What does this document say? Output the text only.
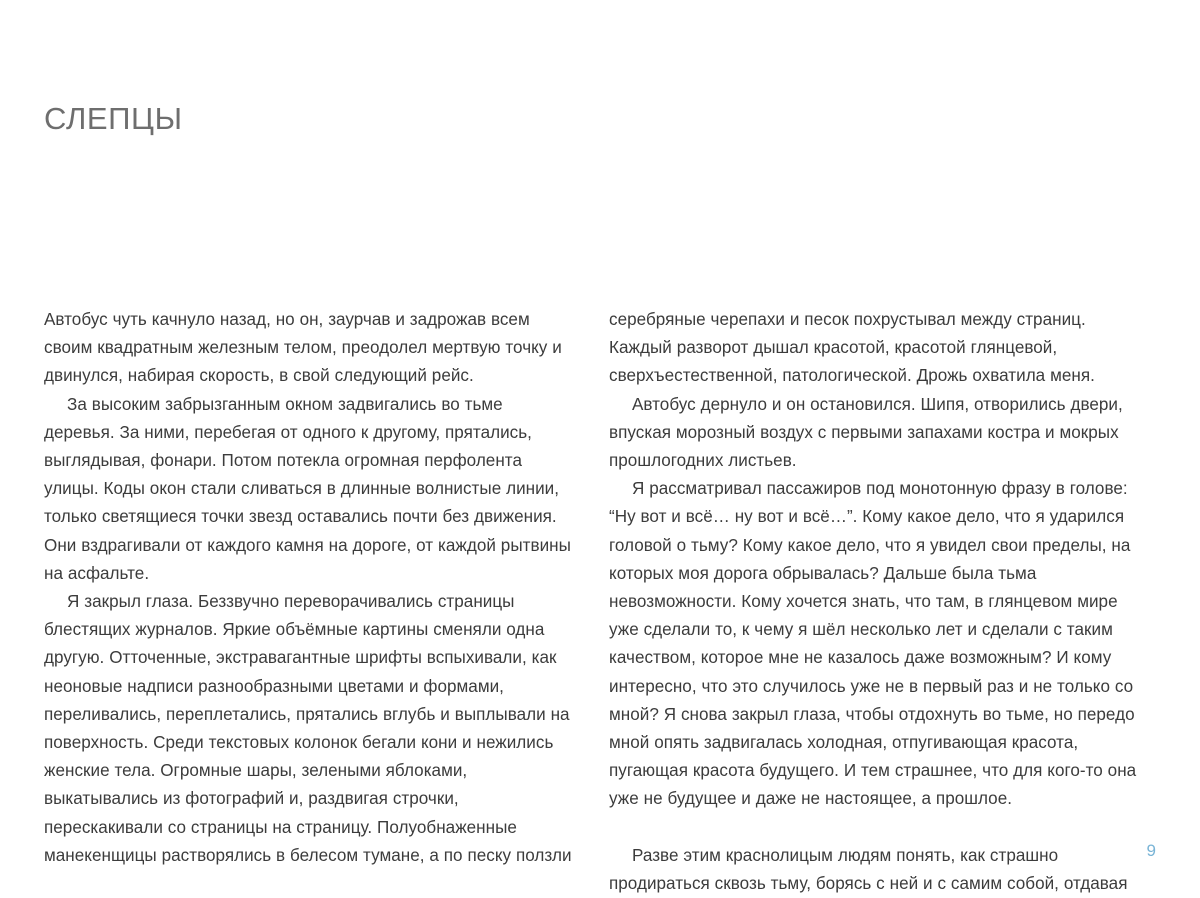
СЛЕПЦЫ

Автобус чуть качнуло назад, но он, заурчав и задрожав всем своим квадратным железным телом, преодолел мертвую точку и двинулся, набирая скорость, в свой следующий рейс.

За высоким забрызганным окном задвигались во тьме деревья. За ними, перебегая от одного к другому, прятались, выглядывая, фонари. Потом потекла огромная перфолента улицы. Коды окон стали сливаться в длинные волнистые линии, только светящиеся точки звезд оставались почти без движения. Они вздрагивали от каждого камня на дороге, от каждой рытвины на асфальте.

Я закрыл глаза. Беззвучно переворачивались страницы блестящих журналов. Яркие объёмные картины сменяли одна другую. Отточенные, экстравагантные шрифты вспыхивали, как неоновые надписи разнообразными цветами и формами, переливались, переплетались, прятались вглубь и выплывали на поверхность. Среди текстовых колонок бегали кони и нежились женские тела. Огромные шары, зелеными яблоками, выкатывались из фотографий и, раздвигая строчки, перескакивали со страницы на страницу. Полуобнаженные манекенщицы растворялись в белесом тумане, а по песку ползли

серебряные черепахи и песок похрустывал между страниц. Каждый разворот дышал красотой, красотой глянцевой, сверхъестественной, патологической. Дрожь охватила меня.

Автобус дернуло и он остановился. Шипя, отворились двери, впуская морозный воздух с первыми запахами костра и мокрых прошлогодних листьев.

Я рассматривал пассажиров под монотонную фразу в голове: “Ну вот и всё… ну вот и всё…”. Кому какое дело, что я ударился головой о тьму? Кому какое дело, что я увидел свои пределы, на которых моя дорога обрывалась? Дальше была тьма невозможности. Кому хочется знать, что там, в глянцевом мире уже сделали то, к чему я шёл несколько лет и сделали с таким качеством, которое мне не казалось даже возможным? И кому интересно, что это случилось уже не в первый раз и не только со мной? Я снова закрыл глаза, чтобы отдохнуть во тьме, но передо мной опять задвигалась холодная, отпугивающая красота, пугающая красота будущего. И тем страшнее, что для кого-то она уже не будущее и даже не настоящее, а прошлое.

Разве этим краснолицым людям понять, как страшно продираться сквозь тьму, борясь с ней и с самим собой, отдавая

9
